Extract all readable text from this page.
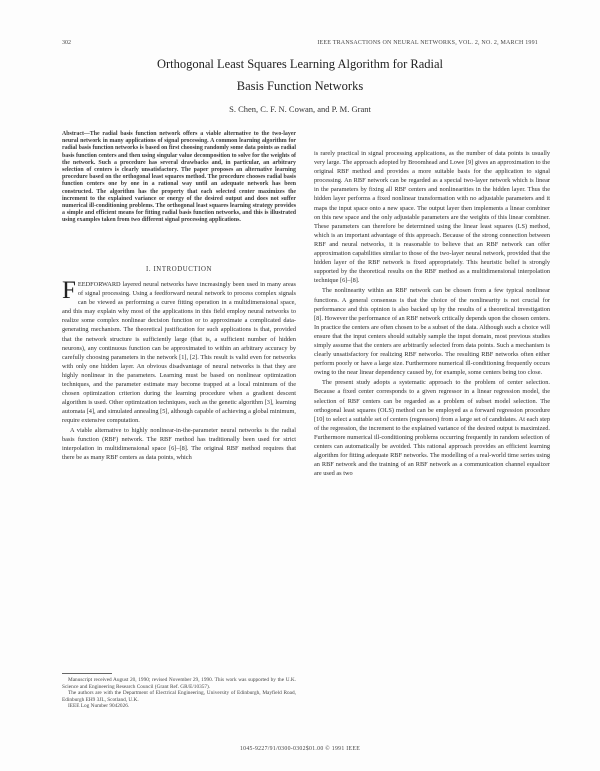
302	IEEE TRANSACTIONS ON NEURAL NETWORKS, VOL. 2, NO. 2, MARCH 1991
Orthogonal Least Squares Learning Algorithm for Radial
Basis Function Networks
S. Chen, C. F. N. Cowan, and P. M. Grant

Abstract—The radial basis function network offers a viable alternative to the two-layer neural network in many applications of signal processing. A common learning algorithm for radial basis function networks is based on first choosing randomly some data points as radial basis function centers and then using singular value decomposition to solve for the weights of the network. Such a procedure has several drawbacks and, in particular, an arbitrary selection of centers is clearly unsatisfactory. The paper proposes an alternative learning procedure based on the orthogonal least squares method. The procedure chooses radial basis function centers one by one in a rational way until an adequate network has been constructed. The algorithm has the property that each selected center maximizes the increment to the explained variance or energy of the desired output and does not suffer numerical ill-conditioning problems. The orthogonal least squares learning strategy provides a simple and efficient means for fitting radial basis function networks, and this is illustrated using examples taken from two different signal processing applications.

I. INTRODUCTION

FEEDFORWARD layered neural networks have increasingly been used in many areas of signal processing. Using a feedforward neural network to process complex signals can be viewed as performing a curve fitting operation in a multidimensional space, and this may explain why most of the applications in this field employ neural networks to realize some complex nonlinear decision function or to approximate a complicated data-generating mechanism. The theoretical justification for such applications is that, provided that the network structure is sufficiently large (that is, a sufficient number of hidden neurons), any continuous function can be approximated to within an arbitrary accuracy by carefully choosing parameters in the network [1], [2]. This result is valid even for networks with only one hidden layer. An obvious disadvantage of neural networks is that they are highly nonlinear in the parameters. Learning must be based on nonlinear optimization techniques, and the parameter estimate may become trapped at a local minimum of the chosen optimization criterion during the learning procedure when a gradient descent algorithm is used. Other optimization techniques, such as the genetic algorithm [3], learning automata [4], and simulated annealing [5], although capable of achieving a global minimum, require extensive computation.

A viable alternative to highly nonlinear-in-the-parameter neural networks is the radial basis function (RBF) network. The RBF method has traditionally been used for strict interpolation in multidimensional space [6]–[8]. The original RBF method requires that there be as many RBF centers as data points, which

Manuscript received August 20, 1990; revised November 29, 1990. This work was supported by the U.K. Science and Engineering Research Council (Grant Ref. GR/E/10357).

The authors are with the Department of Electrical Engineering, University of Edinburgh, Mayfield Road, Edinburgh EH9 3JL, Scotland, U.K.

IEEE Log Number 9042026.

is rarely practical in signal processing applications, as the number of data points is usually very large. The approach adopted by Broomhead and Lowe [9] gives an approximation to the original RBF method and provides a more suitable basis for the application to signal processing. An RBF network can be regarded as a special two-layer network which is linear in the parameters by fixing all RBF centers and nonlinearities in the hidden layer. Thus the hidden layer performs a fixed nonlinear transformation with no adjustable parameters and it maps the input space onto a new space. The output layer then implements a linear combiner on this new space and the only adjustable parameters are the weights of this linear combiner. These parameters can therefore be determined using the linear least squares (LS) method, which is an important advantage of this approach. Because of the strong connection between RBF and neural networks, it is reasonable to believe that an RBF network can offer approximation capabilities similar to those of the two-layer neural network, provided that the hidden layer of the RBF network is fixed appropriately. This heuristic belief is strongly supported by the theoretical results on the RBF method as a multidimensional interpolation technique [6]–[8].

The nonlinearity within an RBF network can be chosen from a few typical nonlinear functions. A general consensus is that the choice of the nonlinearity is not crucial for performance and this opinion is also backed up by the results of a theoretical investigation [8]. However the performance of an RBF network critically depends upon the chosen centers. In practice the centers are often chosen to be a subset of the data. Although such a choice will ensure that the input centers should suitably sample the input domain, most previous studies simply assume that the centers are arbitrarily selected from data points. Such a mechanism is clearly unsatisfactory for realizing RBF networks. The resulting RBF networks often either perform poorly or have a large size. Furthermore numerical ill-conditioning frequently occurs owing to the near linear dependency caused by, for example, some centers being too close.

The present study adopts a systematic approach to the problem of center selection. Because a fixed center corresponds to a given regressor in a linear regression model, the selection of RBF centers can be regarded as a problem of subset model selection. The orthogonal least squares (OLS) method can be employed as a forward regression procedure [10] to select a suitable set of centers (regressors) from a large set of candidates. At each step of the regression, the increment to the explained variance of the desired output is maximized. Furthermore numerical ill-conditioning problems occurring frequently in random selection of centers can automatically be avoided. This rational approach provides an efficient learning algorithm for fitting adequate RBF networks. The modelling of a real-world time series using an RBF network and the training of an RBF network as a communication channel equalizer are used as two

1045-9227/91/0300-0302$01.00 © 1991 IEEE
